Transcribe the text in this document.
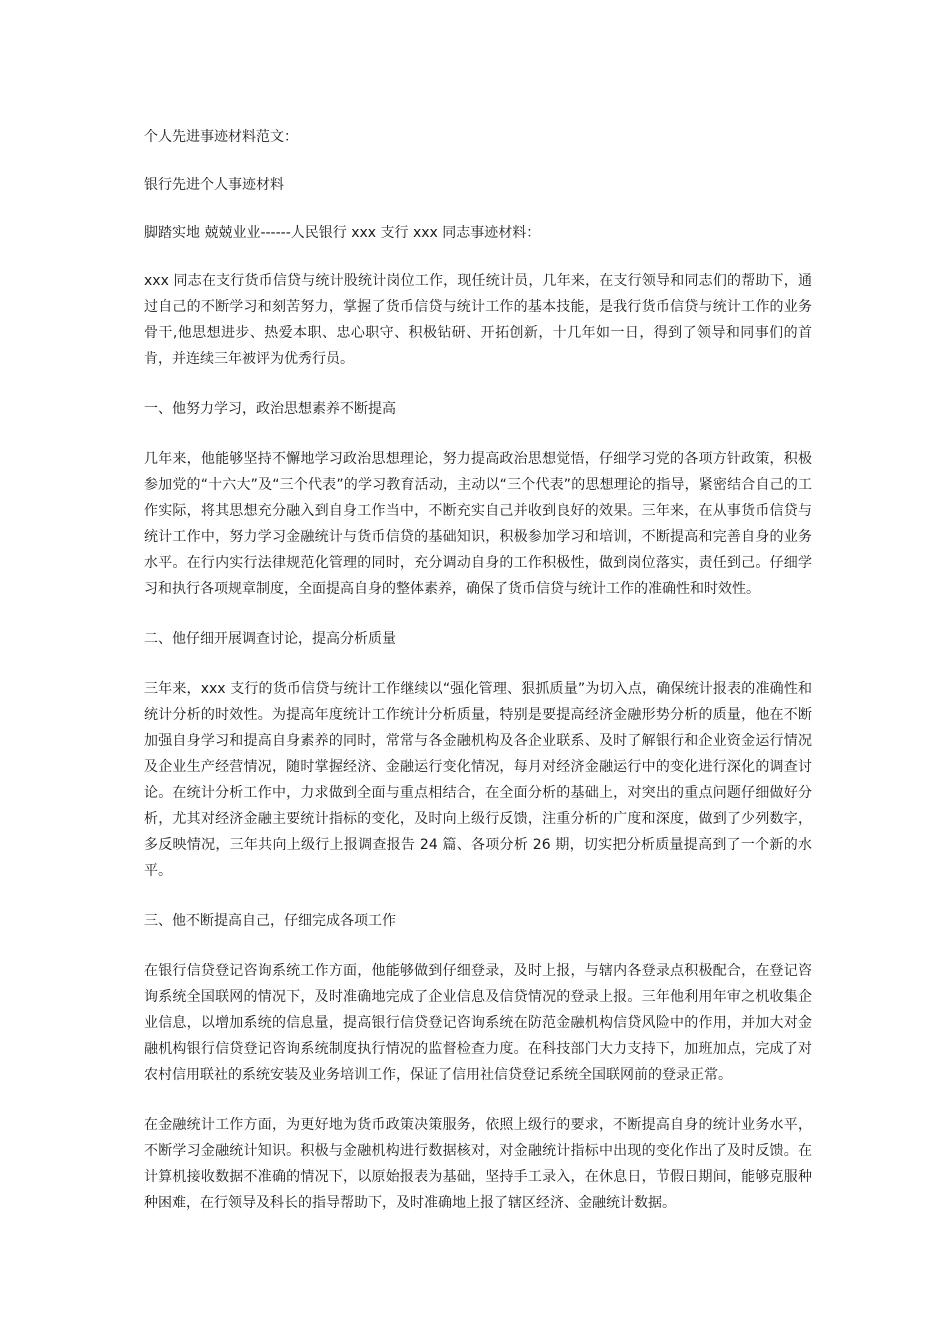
个人先进事迹材料范文：
银行先进个人事迹材料
脚踏实地 兢兢业业------人民银行 xxx 支行 xxx 同志事迹材料：

xxx 同志在支行货币信贷与统计股统计岗位工作，现任统计员，几年来，在支行领导和同志们的帮助下，通过自己的不断学习和刻苦努力，掌握了货币信贷与统计工作的基本技能，是我行货币信贷与统计工作的业务骨干,他思想进步、热爱本职、忠心职守、积极钻研、开拓创新，十几年如一日，得到了领导和同事们的首肯，并连续三年被评为优秀行员。

一、他努力学习，政治思想素养不断提高

几年来，他能够坚持不懈地学习政治思想理论，努力提高政治思想觉悟，仔细学习党的各项方针政策，积极参加党的“十六大”及“三个代表”的学习教育活动，主动以“三个代表”的思想理论的指导，紧密结合自己的工作实际，将其思想充分融入到自身工作当中，不断充实自己并收到良好的效果。三年来，在从事货币信贷与统计工作中，努力学习金融统计与货币信贷的基础知识，积极参加学习和培训，不断提高和完善自身的业务水平。在行内实行法律规范化管理的同时，充分调动自身的工作积极性，做到岗位落实，责任到己。仔细学习和执行各项规章制度，全面提高自身的整体素养，确保了货币信贷与统计工作的准确性和时效性。

二、他仔细开展调查讨论，提高分析质量

三年来，xxx 支行的货币信贷与统计工作继续以“强化管理、狠抓质量”为切入点，确保统计报表的准确性和统计分析的时效性。为提高年度统计工作统计分析质量，特别是要提高经济金融形势分析的质量，他在不断加强自身学习和提高自身素养的同时，常常与各金融机构及各企业联系、及时了解银行和企业资金运行情况及企业生产经营情况，随时掌握经济、金融运行变化情况，每月对经济金融运行中的变化进行深化的调查讨论。在统计分析工作中，力求做到全面与重点相结合，在全面分析的基础上，对突出的重点问题仔细做好分析，尤其对经济金融主要统计指标的变化，及时向上级行反馈，注重分析的广度和深度，做到了少列数字，多反映情况，三年共向上级行上报调查报告 24 篇、各项分析 26 期，切实把分析质量提高到了一个新的水平。

三、他不断提高自己，仔细完成各项工作

在银行信贷登记咨询系统工作方面，他能够做到仔细登录，及时上报，与辖内各登录点积极配合，在登记咨询系统全国联网的情况下，及时准确地完成了企业信息及信贷情况的登录上报。三年他利用年审之机收集企业信息，以增加系统的信息量，提高银行信贷登记咨询系统在防范金融机构信贷风险中的作用，并加大对金融机构银行信贷登记咨询系统制度执行情况的监督检查力度。在科技部门大力支持下，加班加点，完成了对农村信用联社的系统安装及业务培训工作，保证了信用社信贷登记系统全国联网前的登录正常。

在金融统计工作方面，为更好地为货币政策决策服务，依照上级行的要求，不断提高自身的统计业务水平，不断学习金融统计知识。积极与金融机构进行数据核对，对金融统计指标中出现的变化作出了及时反馈。在计算机接收数据不准确的情况下，以原始报表为基础，坚持手工录入，在休息日，节假日期间，能够克服种种困难，在行领导及科长的指导帮助下，及时准确地上报了辖区经济、金融统计数据。
